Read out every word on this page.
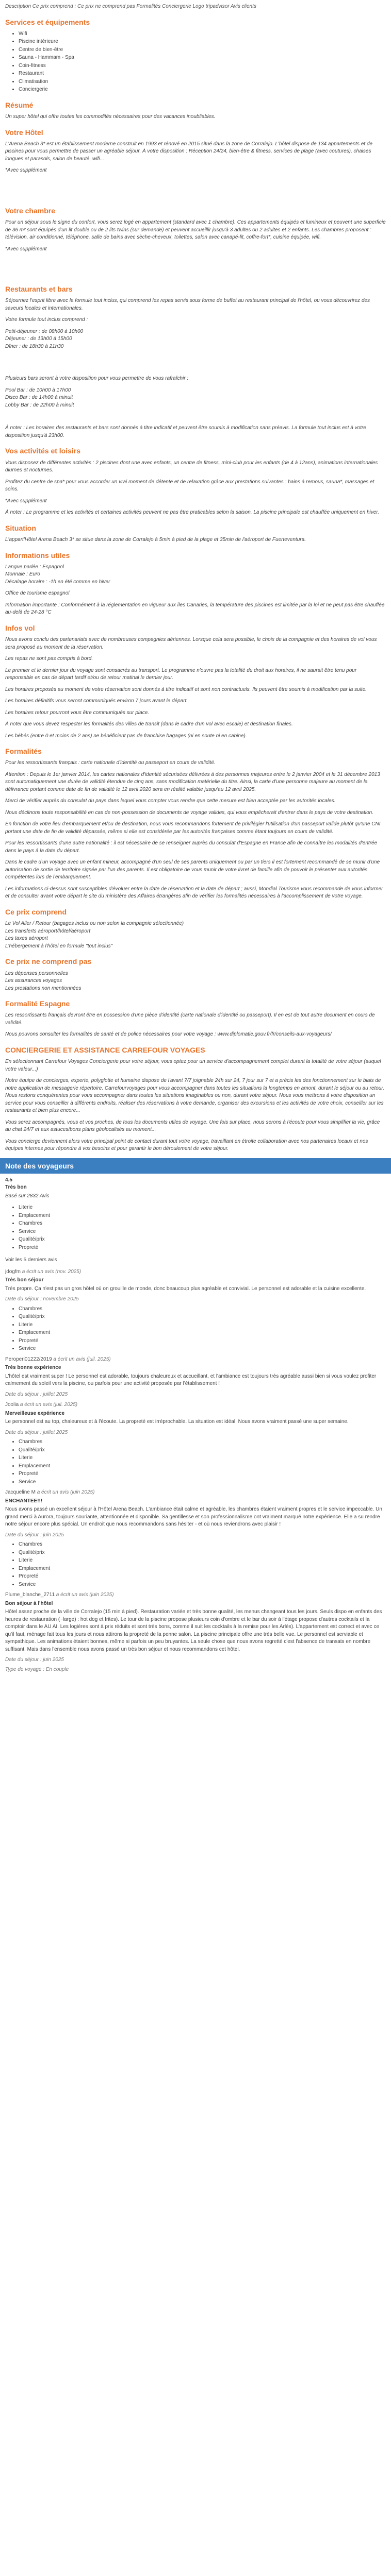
Description Ce prix comprend : Ce prix ne comprend pas Formalités Conciergerie Logo tripadvisor Avis clients

Services et équipements
• Wifi
• Piscine intérieure
• Centre de bien-être
• Sauna - Hammam - Spa
• Coin-fitness
• Restaurant
• Climatisation
• Conciergerie
Résumé

Un super hôtel qui offre toutes les commodités nécessaires pour des vacances inoubliables.

Votre Hôtel

L'Arena Beach 3* est un établissement moderne construit en 1993 et rénové en 2015 situé dans la zone de Corralejo. L'hôtel dispose de 134 appartements et de piscines pour vous permettre de passer un agréable séjour. À votre disposition : Réception 24/24, bien-être & fitness, services de plage (avec coutures), chaises longues et parasols, salon de beauté, wifi...

*Avec supplément

Votre chambre

Pour un séjour sous le signe du confort, vous serez logé en appartement (standard avec 1 chambre). Ces appartements équipés et lumineux et peuvent une superficie de 36 m² sont équipés d'un lit double ou de 2 lits twins (sur demande) et peuvent accueillir jusqu'à 3 adultes ou 2 adultes et 2 enfants. Les chambres proposent : télévision, air conditionné, téléphone, salle de bains avec sèche-cheveux, toilettes, salon avec canapé-lit, coffre-fort*, cuisine équipée, wifi.

*Avec supplément

Restaurants et bars

Séjournez l'esprit libre avec la formule tout inclus, qui comprend les repas servis sous forme de buffet au restaurant principal de l'hôtel, ou vous découvrirez des saveurs locales et internationales.

Votre formule tout inclus comprend :

Petit-déjeuner : de 08h00 à 10h00

Déjeuner : de 13h00 à 15h00

Dîner : de 18h30 à 21h30

Plusieurs bars seront à votre disposition pour vous permettre de vous rafraîchir :

Pool Bar : de 10h00 à 17h00

Disco Bar : de 14h00 à minuit

Lobby Bar : de 22h00 à minuit

À noter : Les horaires des restaurants et bars sont donnés à titre indicatif et peuvent être soumis à modification sans préavis. La formule tout inclus est à votre disposition jusqu'à 23h00.

Vos activités et loisirs

Vous disposez de différentes activités : 2 piscines dont une avec enfants, un centre de fitness, mini-club pour les enfants (de 4 à 12ans), animations internationales diurnes et nocturnes.

Profitez du centre de spa* pour vous accorder un vrai moment de détente et de relaxation grâce aux prestations suivantes : bains à remous, sauna*, massages et soins.

*Avec supplément

À noter : Le programme et les activités et certaines activités peuvent ne pas être praticables selon la saison. La piscine principale est chauffée uniquement en hiver.

Situation

L'appart'Hôtel Arena Beach 3* se situe dans la zone de Corralejo à 5min à pied de la plage et 35min de l'aéroport de Fuerteventura.

Informations utiles

Langue parlée : Espagnol

Monnaie : Euro

Décalage horaire : -1h en été comme en hiver

Office de tourisme espagnol

Information importante : Conformément à la réglementation en vigueur aux îles Canaries, la température des piscines est limitée par la loi et ne peut pas être chauffée au-delà de 24-28 °C

Infos vol

Nous avons conclu des partenariats avec de nombreuses compagnies aériennes. Lorsque cela sera possible, le choix de la compagnie et des horaires de vol vous sera proposé au moment de la réservation.

Les repas ne sont pas compris à bord.

Le premier et le dernier jour du voyage sont consacrés au transport. Le programme n'ouvre pas la totalité du droit aux horaires, il ne saurait être tenu pour responsable en cas de départ tardif et/ou de retour matinal le dernier jour.

Les horaires proposés au moment de votre réservation sont donnés à titre indicatif et sont non contractuels. Ils peuvent être soumis à modification par la suite.

Les horaires définitifs vous seront communiqués environ 7 jours avant le départ.

Les horaires retour pourront vous être communiqués sur place.

À noter que vous devez respecter les formalités des villes de transit (dans le cadre d'un vol avec escale) et destination finales.

Les bébés (entre 0 et moins de 2 ans) ne bénéficient pas de franchise bagages (ni en soute ni en cabine).

Formalités

Pour les ressortissants français : carte nationale d'identité ou passeport en cours de validité.

Attention : Depuis le 1er janvier 2014, les cartes nationales d'identité sécurisées délivrées à des personnes majeures entre le 2 janvier 2004 et le 31 décembre 2013 sont automatiquement une durée de validité étendue de cinq ans, sans modification matérielle du titre. Ainsi, la carte d'une personne majeure au moment de la délivrance portant comme date de fin de validité le 12 avril 2020 sera en réalité valable jusqu'au 12 avril 2025.

Merci de vérifier auprès du consulat du pays dans lequel vous compter vous rendre que cette mesure est bien acceptée par les autorités locales.

Nous déclinons toute responsabilité en cas de non-possession de documents de voyage valides, qui vous empêcherait d'entrer dans le pays de votre destination.

En fonction de votre lieu d'embarquement et/ou de destination, nous vous recommandons fortement de privilégier l'utilisation d'un passeport valide plutôt qu'une CNI portant une date de fin de validité dépassée, même si elle est considérée par les autorités françaises comme étant toujours en cours de validité.

Pour les ressortissants d'une autre nationalité : il est nécessaire de se renseigner auprès du consulat d'Espagne en France afin de connaître les modalités d'entrée dans le pays à la date du départ.

Dans le cadre d'un voyage avec un enfant mineur, accompagné d'un seul de ses parents uniquement ou par un tiers il est fortement recommandé de se munir d'une autorisation de sortie de territoire signée par l'un des parents. Il est obligatoire de vous munir de votre livret de famille afin de pouvoir le présenter aux autorités compétentes lors de l'embarquement.

Les informations ci-dessus sont susceptibles d'évoluer entre la date de réservation et la date de départ ; aussi, Mondial Tourisme vous recommande de vous informer et de consulter avant votre départ le site du ministère des Affaires étrangères afin de vérifier les formalités nécessaires à l'accomplissement de votre voyage.

Ce prix comprend

Le Vol Aller / Retour (bagages inclus ou non selon la compagnie sélectionnée)

Les transferts aéroport/hôtel/aéroport

Les taxes aéroport

L'hébergement à l'hôtel en formule "tout inclus"

Ce prix ne comprend pas

Les dépenses personnelles

Les assurances voyages

Les prestations non mentionnées

Formalité Espagne

Les ressortissants français devront être en possession d'une pièce d'identité (carte nationale d'identité ou passeport). Il en est de tout autre document en cours de validité.

Nous pouvons consulter les formalités de santé et de police nécessaires pour votre voyage : www.diplomatie.gouv.fr/fr/conseils-aux-voyageurs/

CONCIERGERIE ET ASSISTANCE CARREFOUR VOYAGES

En sélectionnant Carrefour Voyages Conciergerie pour votre séjour, vous optez pour un service d'accompagnement complet durant la totalité de votre séjour (auquel votre valeur...)

Notre équipe de concierges, experte, polyglotte et humaine dispose de l'avant 7/7 joignable 24h sur 24, 7 jour sur 7 et a précis les des fonctionnement sur le biais de notre application de messagerie répertoire. Carrefourvoyages pour vous accompagner dans toutes les situations la longtemps en amont, durant le séjour ou au retour. Nous restons conquérantes pour vous accompagner dans toutes les situations imaginables ou non, durant votre séjour. Nous vous mettrons à votre disposition un service pour vous conseiller à différents endroits, réaliser des réservations à votre demande, organiser des excursions et les activités de votre choix, conseiller sur les restaurants et bien plus encore...

Vous serez accompagnés, vous et vos proches, de tous les documents utiles de voyage. Une fois sur place, nous serons à l'écoute pour vous simplifier la vie, grâce au chat 24/7 et aux astuces/bons plans géolocalisés au moment...

Vous concierge deviennent alors votre principal point de contact durant tout votre voyage, travaillant en étroite collaboration avec nos partenaires locaux et nos équipes internes pour répondre à vos besoins et pour garantir le bon déroulement de votre séjour.

Note des voyageurs

4.5

Très bon

Basé sur 2832 Avis

• Literie
• Emplacement
• Chambres
• Service
• Qualité/prix
• Propreté

Voir les 5 derniers avis

jdogfm a écrit un avis (nov. 2025)

Très bon séjour

Très propre. Ça n'est pas un gros hôtel où on grouille de monde, donc beaucoup plus agréable et convivial. Le personnel est adorable et la cuisine excellente.

Date du séjour : novembre 2025

• Chambres
• Qualité/prix
• Literie
• Emplacement
• Propreté
• Service

Peroperi01222/2019 a écrit un avis (juil. 2025)

Très bonne expérience

L'hôtel est vraiment super ! Le personnel est adorable, toujours chaleureux et accueillant, et l'ambiance est toujours très agréable aussi bien si vous voulez profiter calmement du soleil vers la piscine, ou parfois pour une activité proposée par l'établissement !

Date du séjour : juillet 2025

Joolia a écrit un avis (juil. 2025)

Merveilleuse expérience

Le personnel est au top, chaleureux et à l'écoute. La propreté est irréprochable. La situation est idéal. Nous avons vraiment passé une super semaine.

Date du séjour : juillet 2025

• Chambres
• Qualité/prix
• Literie
• Emplacement
• Propreté
• Service

Jacqueline M a écrit un avis (juin 2025)

ENCHANTEE!!!

Nous avons passé un excellent séjour à l'Hôtel Arena Beach. L'ambiance était calme et agréable, les chambres étaient vraiment propres et le service impeccable. Un grand merci à Aurora, toujours souriante, attentionnée et disponible. Sa gentillesse et son professionnalisme ont vraiment marqué notre expérience. Elle a su rendre notre séjour encore plus spécial. Un endroit que nous recommandons sans hésiter - et où nous reviendrons avec plaisir !

Date du séjour : juin 2025

• Chambres
• Qualité/prix
• Literie
• Emplacement
• Propreté
• Service

Plume_blanche_2711 a écrit un avis (juin 2025)

Bon séjour à l'hôtel

Hôtel assez proche de la ville de Corralejo (15 min à pied). Restauration variée et très bonne qualité, les menus changeant tous les jours. Seuls dispo en enfants des heures de restauration (~large) : hot dog et frites). Le tour de la piscine propose plusieurs coin d'ombre et le bar du soir à l'étage propose d'autres cocktails et la comptoir dans le AU AI. Les logières sont à prix réduits et sont très bons, comme il suit les cocktails à la remise pour les Arlès). L'appartement est correct et avec ce qu'il faut, ménage fait tous les jours et nous attirons la propreté de la penne salon. La piscine principale offre une très belle vue. Le personnel est serviable et sympathique. Les animations étaient bonnes, même si parfois un peu bruyantes. La seule chose que nous avons regretté c'est l'absence de transats en nombre suffisant. Mais dans l'ensemble nous avons passé un très bon séjour et nous recommandons cet hôtel.

Date du séjour : juin 2025

Type de voyage : En couple
